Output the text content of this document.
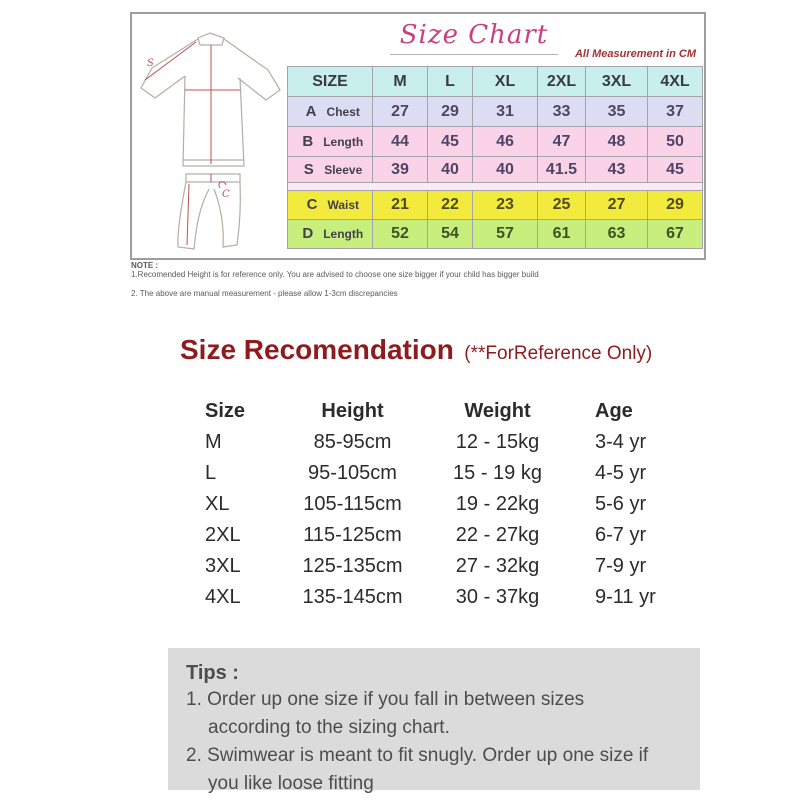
S
C
Size Chart
All Measurement in CM
SIZE	M	L	XL	2XL	3XL	4XL
A Chest	27	29	31	33	35	37
B Length	44	45	46	47	48	50
S Sleeve	39	40	40	41.5	43	45

C Waist	21	22	23	25	27	29
D Length	52	54	57	61	63	67
NOTE :
1.Recomended Height is for reference only. You are advised to choose one size bigger if your child has bigger build
2. The above are manual measurement - please allow 1-3cm discrepancies
Size Recomendation (**ForReference Only)
Size	Height	Weight	Age
M	85-95cm	12 - 15kg	3-4 yr
L	95-105cm	15 - 19 kg	4-5 yr
XL	105-115cm	19 - 22kg	5-6 yr
2XL	115-125cm	22 - 27kg	6-7 yr
3XL	125-135cm	27 - 32kg	7-9 yr
4XL	135-145cm	30 - 37kg	9-11 yr
Tips :
1. Order up one size if you fall in between sizes
according to the sizing chart.
2. Swimwear is meant to fit snugly. Order up one size if
you like loose fitting
